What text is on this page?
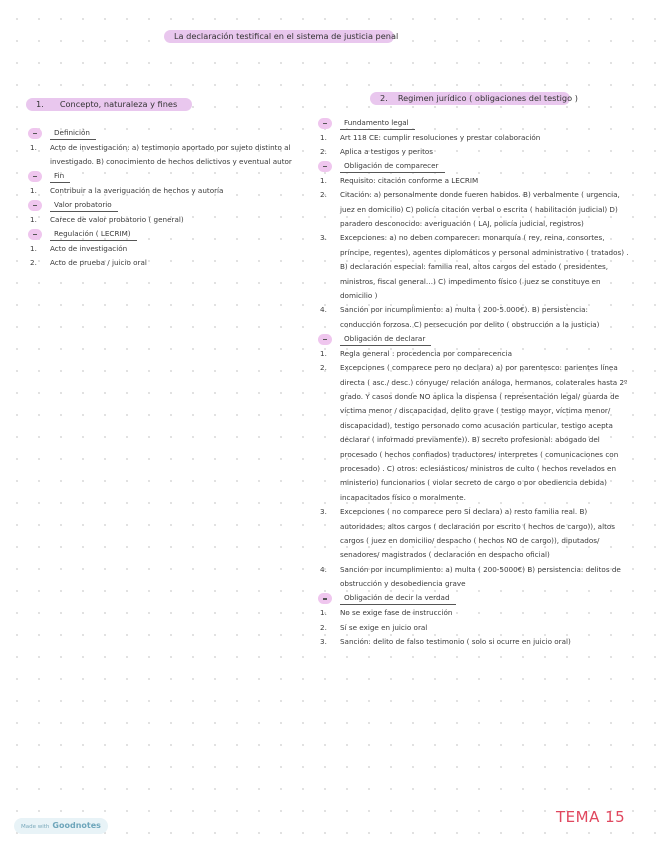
La declaración testifical en el sistema de justicia penal
1. Concepto, naturaleza y fines
2. Regimen jurídico ( obligaciones del testigo )
Definición
1.	Acto de investigación: a) testimonio aportado por sujeto distinto al investigado. B) conocimiento de hechos delictivos y eventual autor
Fin
1.	Contribuir a la averiguación de hechos y autoría
Valor probatorio
1.	Carece de valor probatorio ( general)
Regulación ( LECRIM)
1.	Acto de investigación
2.	Acto de prueba / juicio oral
Fundamento legal
1.	Art 118 CE: cumplir resoluciones y prestar colaboración
2.	Aplica a testigos y peritos
Obligación de comparecer
1.	Requisito: citación conforme a LECRIM
2.	Citación: a) personalmente donde fueren habidos. B) verbalmente ( urgencia, juez en domicilio) C) policía citación verbal o escrita ( habilitación judicial) D) paradero desconocido: averiguación ( LAJ, policía judicial, registros)
3.	Excepciones: a) no deben comparecer: monarquía ( rey, reina, consortes, príncipe, regentes), agentes diplomáticos y personal administrativo ( tratados) . B) declaración especial: familia real, altos cargos del estado ( presidentes, ministros, fiscal general…) C) impedimento físico ( juez se constituye en domicilio )
4.	Sanción por incumplimiento: a) multa ( 200-5.000€). B) persistencia: conducción forzosa. C) persecución por delito ( obstrucción a la justicia)
Obligación de declarar
1.	Regla general : procedencia por comparecencia
2.	Excepciones ( comparece pero no declara) a) por parentesco: parientes línea directa ( asc./ desc.) cónyuge/ relación análoga, hermanos, colaterales hasta 2º grado. Y casos donde NO aplica la dispensa ( representación legal/ guarda de víctima menor / discapacidad, delito grave ( testigo mayor, víctima menor/ discapacidad), testigo personado como acusación particular, testigo acepta declarar ( informado previamente)). B) secreto profesional: abogado del procesado ( hechos confiados) traductores/ interpretes ( comunicaciones con procesado) . C) otros: eclesiásticos/ ministros de culto ( hechos revelados en ministerio) funcionarios ( violar secreto de cargo o por obediencia debida) incapacitados físico o moralmente.
3.	Excepciones ( no comparece pero SÍ declara) a) resto familia real. B) autoridades; altos cargos ( declaración por escrito ( hechos de cargo)), altos cargos ( juez en domicilio/ despacho ( hechos NO de cargo)), diputados/ senadores/ magistrados ( declaración en despacho oficial)
4.	Sanción por incumplimiento: a) multa ( 200-5000€) B) persistencia: delitos de obstrucción y desobediencia grave
Obligación de decir la verdad
1.	No se exige fase de instrucción
2.	Sí se exige en juicio oral
3.	Sanción: delito de falso testimonio ( solo si ocurre en juicio oral)
Made with Goodnotes	TEMA 15
